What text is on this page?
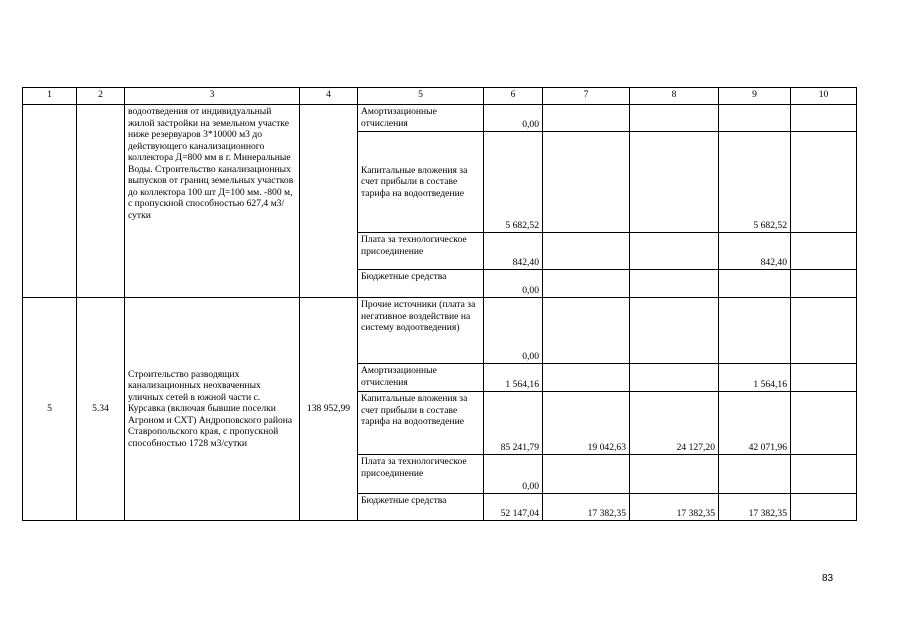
1	2	3	4	5	6	7	8	9	10
		водоотведения от индивидуальный жилой застройки на земельном участке ниже резервуаров 3*10000 м3 до действующего канализационного коллектора Д=800 мм в г. Минеральные Воды. Строительство канализационных выпусков от границ земельных участков до коллектора 100 шт Д=100 мм. -800 м, с пропускной способностью 627,4 м3/сутки		Амортизационные отчисления	0,00				
				Капитальные вложения за счет прибыли в составе тарифа на водоотведение	5 682,52			5 682,52	
				Плата за технологическое присоединение	842,40			842,40	
				Бюджетные средства	0,00				
5	5.34	Строительство разводящих канализационных неохваченных уличных сетей в южной части с. Курсавка (включая бывшие поселки Агроном и СХТ) Андроповского района Ставропольского края, с пропускной способностью 1728 м3/сутки	138 952,99	Прочие источники (плата за негативное воздействие на систему водоотведения)	0,00				
				Амортизационные отчисления	1 564,16			1 564,16	
				Капитальные вложения за счет прибыли в составе тарифа на водоотведение	85 241,79	19 042,63	24 127,20	42 071,96	
				Плата за технологическое присоединение	0,00				
				Бюджетные средства	52 147,04	17 382,35	17 382,35	17 382,35	
83
